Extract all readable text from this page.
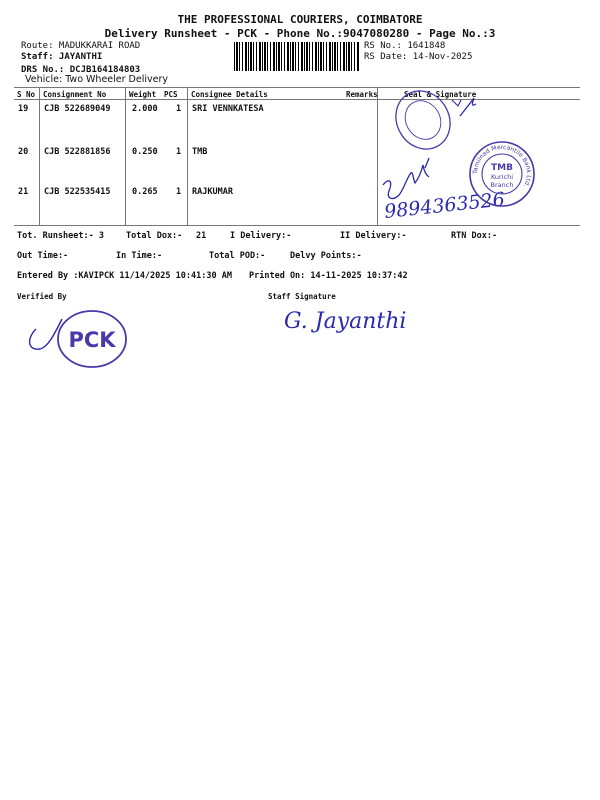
THE PROFESSIONAL COURIERS, COIMBATORE
Delivery Runsheet - PCK - Phone No.:9047080280 - Page No.:3
Route: MADUKKARAI ROAD
Staff: JAYANTHI
DRS No.: DCJB164184803
Vehicle: Two Wheeler Delivery
RS No.: 1641848
RS Date: 14-Nov-2025
S No Consignment No	Weight PCS Consignee Details	Remarks	Seal & Signature
19 CJB 522689049	2.000 1 SRI VENNKATESA
20 CJB 522881856	0.250 1 TMB
21 CJB 522535415	0.265 1 RAJKUMAR
Tot. Runsheet:- 3	Total Dox:- 21	I Delivery:-	II Delivery:-	RTN Dox:-
Out Time:-	In Time:-	Total POD:-	Delvy Points:-
Entered By :KAVIPCK 11/14/2025 10:41:30 AM Printed On: 14-11-2025 10:37:42
Verified By	Staff Signature
9894363526
Tamilnad Mercantile Bank Ltd.
TMB
Kurichi
Branch
PCK
G. Jayanthi
